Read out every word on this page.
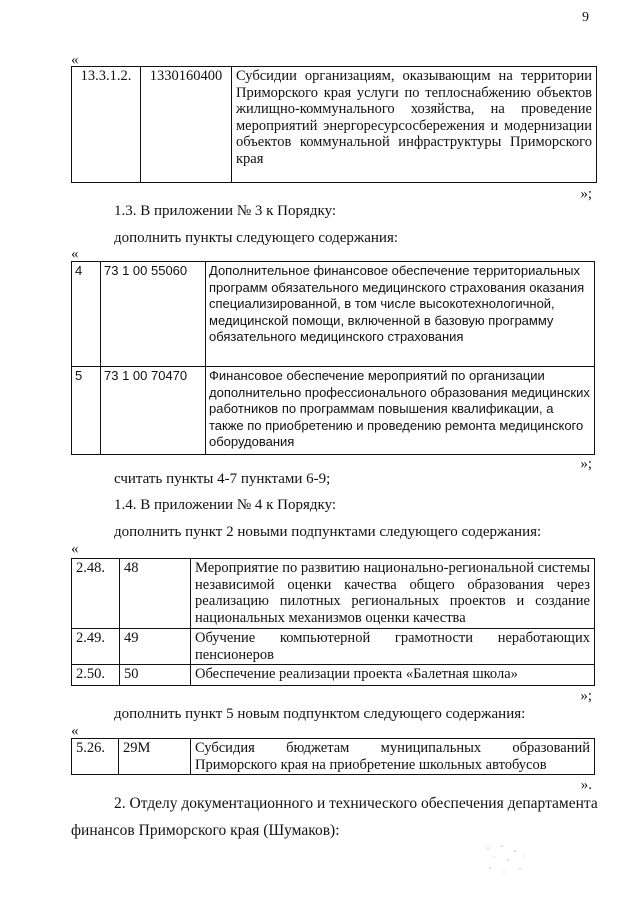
9
«
13.3.1.2.	1330160400	Субсидии организациям, оказывающим на территории Приморского края услуги по теплоснабжению объектов жилищно-коммунального хозяйства, на проведение мероприятий энергоресурсосбережения и модернизации объектов коммунальной инфраструктуры Приморского края
»;
1.3. В приложении № 3 к Порядку:
дополнить пункты следующего содержания:
«
4	73 1 00 55060	Дополнительное финансовое обеспечение территориальных программ обязательного медицинского страхования оказания специализированной, в том числе высокотехнологичной, медицинской помощи, включенной в базовую программу обязательного медицинского страхования
5	73 1 00 70470	Финансовое обеспечение мероприятий по организации дополнительно профессионального образования медицинских работников по программам повышения квалификации, а также по приобретению и проведению ремонта медицинского оборудования
»;
считать пункты 4-7 пунктами 6-9;
1.4. В приложении № 4 к Порядку:
дополнить пункт 2 новыми подпунктами следующего содержания:
«
2.48.	48	Мероприятие по развитию национально-региональной системы независимой оценки качества общего образования через реализацию пилотных региональных проектов и создание национальных механизмов оценки качества
2.49.	49	Обучение компьютерной грамотности неработающих пенсионеров
2.50.	50	Обеспечение реализации проекта «Балетная школа»
»;
дополнить пункт 5 новым подпунктом следующего содержания:
«
5.26.	29М	Субсидия бюджетам муниципальных образований Приморского края на приобретение школьных автобусов
».
2. Отделу документационного и технического обеспечения департамента
финансов Приморского края (Шумаков):
